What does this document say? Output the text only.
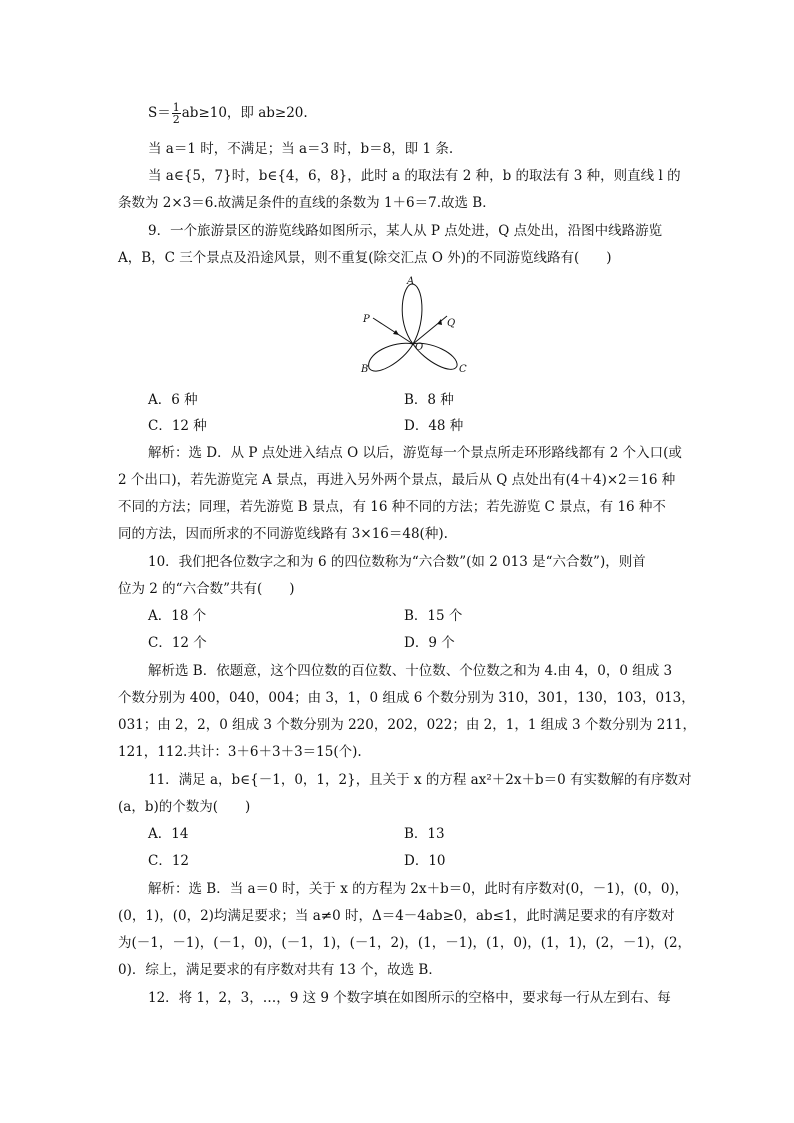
$S= \frac{1}{2} ab\ge 10$，即 ab≥20.
当 a＝1 时，不满足；当 a＝3 时，b＝8，即 1 条.
当 a∈{5，7}时，b∈{4，6，8}，此时 a 的取法有 2 种，b 的取法有 3 种，则直线 l 的
条数为 2×3＝6.故满足条件的直线的条数为 1＋6＝7.故选 B．
9．一个旅游景区的游览线路如图所示，某人从 P 点处进，Q 点处出，沿图中线路游览
A，B，C 三个景点及沿途风景，则不重复(除交汇点 O 外)的不同游览线路有(　　)
A
B	C
P	Q
O
A．6 种	B．8 种
C．12 种	D．48 种
解析：选 D．从 P 点处进入结点 O 以后，游览每一个景点所走环形路线都有 2 个入口(或
2 个出口)，若先游览完 A 景点，再进入另外两个景点，最后从 Q 点处出有(4＋4)×2＝16 种
不同的方法；同理，若先游览 B 景点，有 16 种不同的方法；若先游览 C 景点，有 16 种不
同的方法，因而所求的不同游览线路有 3×16＝48(种).
10．我们把各位数字之和为 6 的四位数称为“六合数”(如 2 013 是“六合数”)，则首
位为 2 的“六合数”共有(　　)
A．18 个	B．15 个
C．12 个	D．9 个
解析选 B．依题意，这个四位数的百位数、十位数、个位数之和为 4.由 4，0，0 组成 3
个数分别为 400，040，004；由 3，1，0 组成 6 个数分别为 310，301，130，103，013，
031；由 2，2，0 组成 3 个数分别为 220，202，022；由 2，1，1 组成 3 个数分别为 211，
121，112.共计：3＋6＋3＋3＝15(个).
11．满足 a，b∈{－1，0，1，2}，且关于 x 的方程 ax²＋2x＋b＝0 有实数解的有序数对
(a，b)的个数为(　　)
A．14	B．13
C．12	D．10
解析：选 B．当 a＝0 时，关于 x 的方程为 2x＋b＝0，此时有序数对(0，－1)，(0，0)，
(0，1)，(0，2)均满足要求；当 a≠0 时，Δ＝4－4ab≥0，ab≤1，此时满足要求的有序数对
为(－1，－1)，(－1，0)，(－1，1)，(－1，2)，(1，－1)，(1，0)，(1，1)，(2，－1)，(2，
0)．综上，满足要求的有序数对共有 13 个，故选 B．
12．将 1，2，3，…，9 这 9 个数字填在如图所示的空格中，要求每一行从左到右、每
